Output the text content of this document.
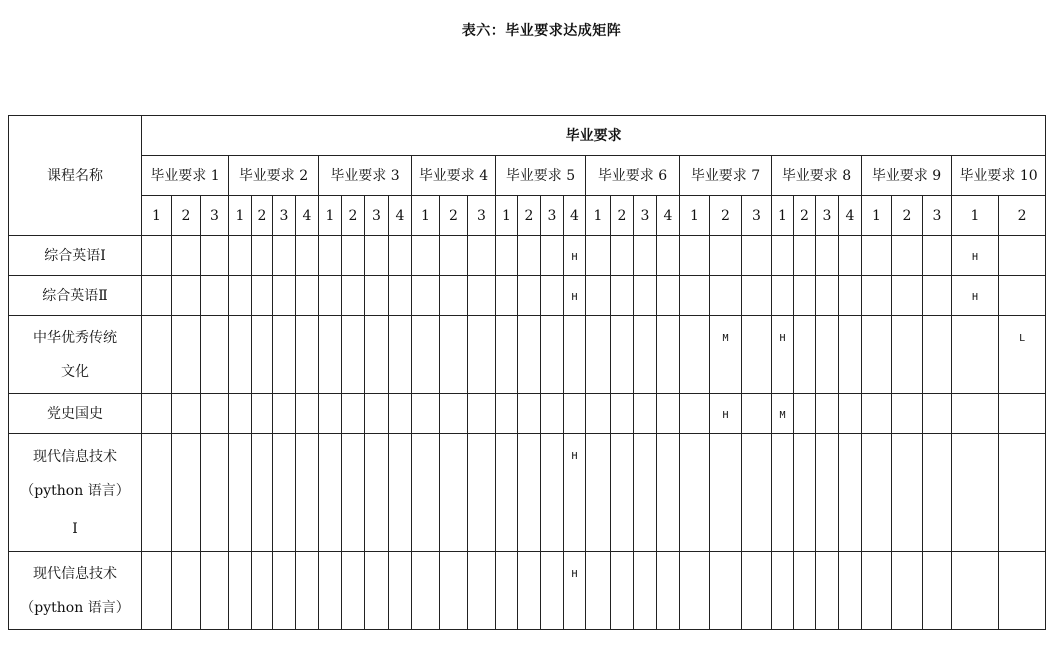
表六：毕业要求达成矩阵
课程名称	毕业要求																																	
	毕业要求 1			毕业要求 2				毕业要求 3				毕业要求 4			毕业要求 5				毕业要求 6				毕业要求 7			毕业要求 8				毕业要求 9			毕业要求 10	
	1	2	3	1	2	3	4	1	2	3	4	1	2	3	1	2	3	4	1	2	3	4	1	2	3	1	2	3	4	1	2	3	1	2

综合英语Ⅰ																		H															H	

综合英语Ⅱ																		H															H	

中华优秀传统
文化																								M		H								L

党史国史																								H		M								

现代信息技术
（python 语言）
Ⅰ																		H																

现代信息技术
（python 语言）																		H																
